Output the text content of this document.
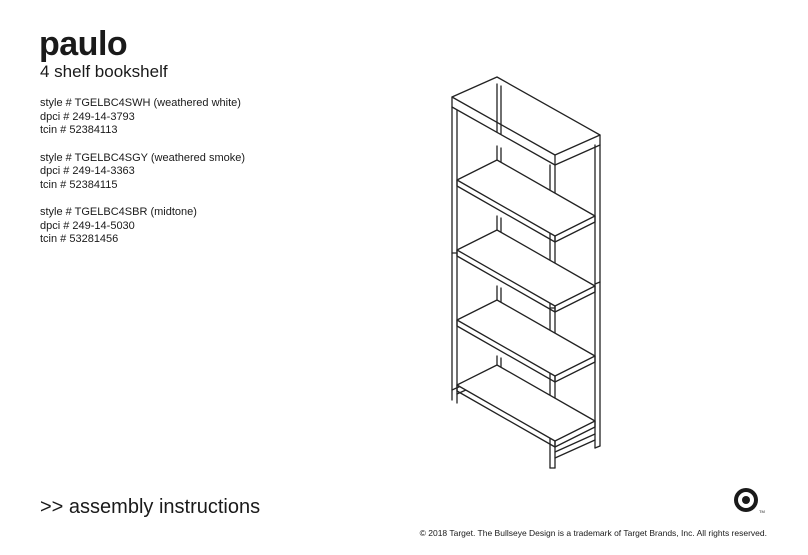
paulo
4 shelf bookshelf
style # TGELBC4SWH (weathered white)
dpci # 249-14-3793
tcin # 52384113
style # TGELBC4SGY (weathered smoke)
dpci # 249-14-3363
tcin # 52384115
style # TGELBC4SBR (midtone)
dpci # 249-14-5030
tcin # 53281456
>> assembly instructions	TM
© 2018 Target. The Bullseye Design is a trademark of Target Brands, Inc. All rights reserved.
